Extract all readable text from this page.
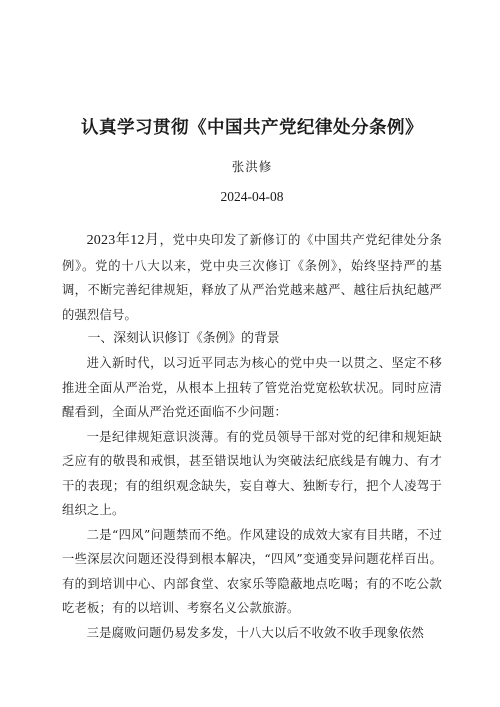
认真学习贯彻《中国共产党纪律处分条例》
张洪修
2024-04-08

2023年12月，党中央印发了新修订的《中国共产党纪律处分条例》。党的十八大以来，党中央三次修订《条例》，始终坚持严的基调，不断完善纪律规矩，释放了从严治党越来越严、越往后执纪越严的强烈信号。

一、深刻认识修订《条例》的背景

进入新时代，以习近平同志为核心的党中央一以贯之、坚定不移推进全面从严治党，从根本上扭转了管党治党宽松软状况。同时应清醒看到，全面从严治党还面临不少问题：

一是纪律规矩意识淡薄。有的党员领导干部对党的纪律和规矩缺乏应有的敬畏和戒惧，甚至错误地认为突破法纪底线是有魄力、有才干的表现；有的组织观念缺失，妄自尊大、独断专行，把个人凌驾于组织之上。

二是“四风”问题禁而不绝。作风建设的成效大家有目共睹，不过一些深层次问题还没得到根本解决，“四风”变通变异问题花样百出。有的到培训中心、内部食堂、农家乐等隐蔽地点吃喝；有的不吃公款吃老板；有的以培训、考察名义公款旅游。

三是腐败问题仍易发多发，十八大以后不收敛不收手现象依然
